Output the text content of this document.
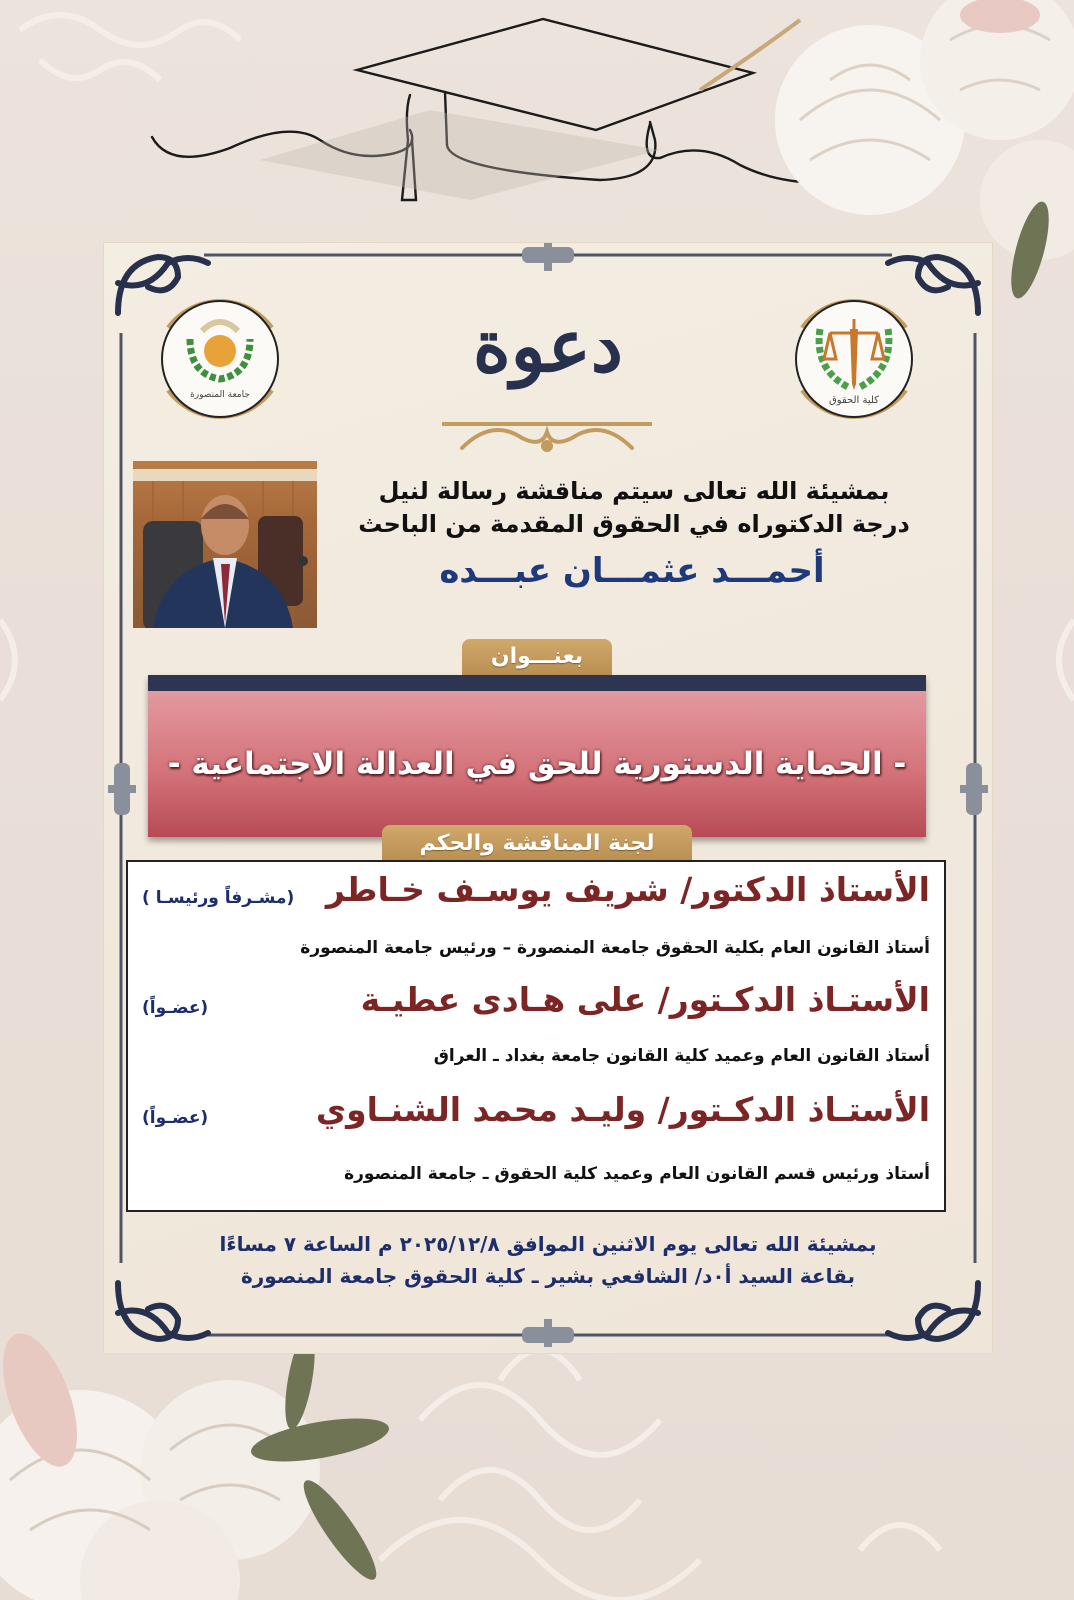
جامعة المنصورة	كلية الحقوق
دعوة
بمشيئة الله تعالى سيتم مناقشة رسالة لنيل
درجة الدكتوراه في الحقوق المقدمة من الباحث
أحمـــد عثمـــان عبـــده
بعنـــوان
- الحماية الدستورية للحق في العدالة الاجتماعية -
لجنة المناقشة والحكم
الأستاذ الدكتور/ شريف يوسـف خـاطر
(مشـرفاً ورئيسـا )
أستاذ القانون العام بكلية الحقوق جامعة المنصورة – ورئيس جامعة المنصورة
الأستـاذ الدكـتور/ على هـادى عطيـة
(عضـواً)
أستاذ القانون العام وعميد كلية القانون جامعة بغداد ـ العراق
الأستـاذ الدكـتور/ وليـد محمد الشنـاوي
(عضـواً)
أستاذ ورئيس قسم القانون العام وعميد كلية الحقوق ـ جامعة المنصورة
بمشيئة الله تعالى يوم الاثنين الموافق ٢٠٢٥/١٢/٨ م الساعة ٧ مساءًا
بقاعة السيد أ٠د/ الشافعي بشير ـ كلية الحقوق جامعة المنصورة
